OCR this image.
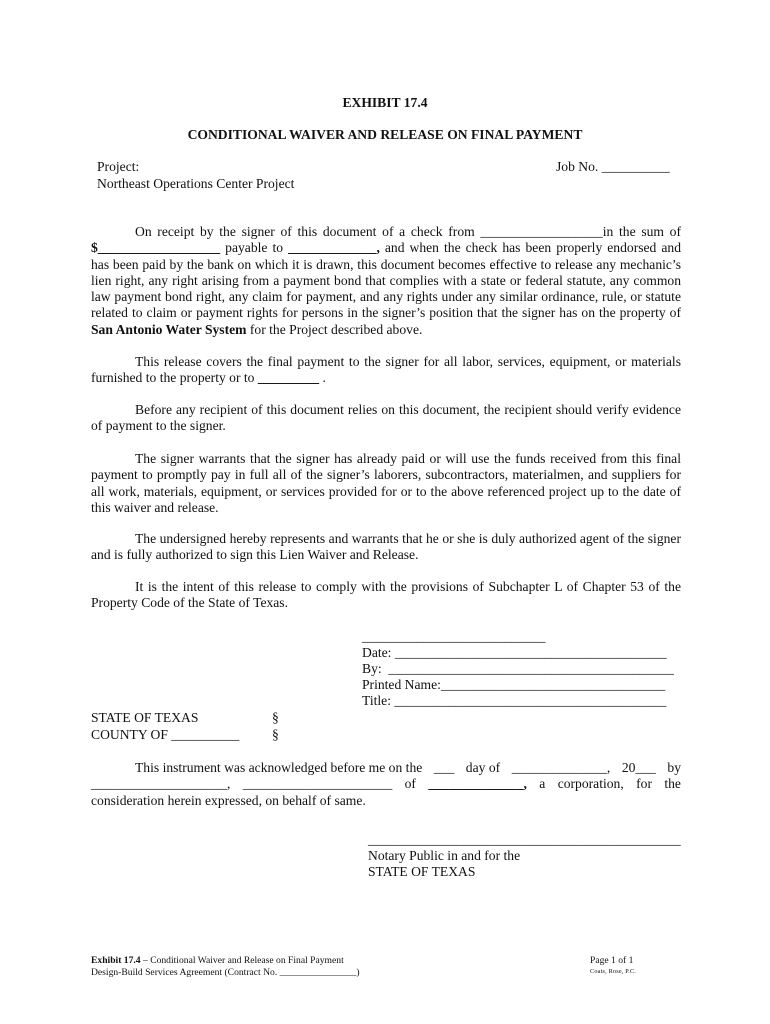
EXHIBIT 17.4
CONDITIONAL WAIVER AND RELEASE ON FINAL PAYMENT
Project:
Northeast Operations Center Project
Job No. __________
On receipt by the signer of this document of a check from __________________in the sum of $__________________ payable to _____________, and when the check has been properly endorsed and has been paid by the bank on which it is drawn, this document becomes effective to release any mechanic’s lien right, any right arising from a payment bond that complies with a state or federal statute, any common law payment bond right, any claim for payment, and any rights under any similar ordinance, rule, or statute related to claim or payment rights for persons in the signer’s position that the signer has on the property of San Antonio Water System for the Project described above.
This release covers the final payment to the signer for all labor, services, equipment, or materials furnished to the property or to _________ .
Before any recipient of this document relies on this document, the recipient should verify evidence of payment to the signer.
The signer warrants that the signer has already paid or will use the funds received from this final payment to promptly pay in full all of the signer’s laborers, subcontractors, materialmen, and suppliers for all work, materials, equipment, or services provided for or to the above referenced project up to the date of this waiver and release.
The undersigned hereby represents and warrants that he or she is duly authorized agent of the signer and is fully authorized to sign this Lien Waiver and Release.
It is the intent of this release to comply with the provisions of Subchapter L of Chapter 53 of the Property Code of the State of Texas.
___________________________
Date: ________________________________________
By:  __________________________________________
Printed Name:_________________________________
Title: ________________________________________
STATE OF TEXAS
COUNTY OF __________
§
§
This instrument was acknowledged before me on the ___ day of ______________, 20___ by
____________________, ______________________ of ______________, a corporation, for the
consideration herein expressed, on behalf of same.
______________________________________________
Notary Public in and for the
STATE OF TEXAS
Exhibit 17.4 – Conditional Waiver and Release on Final Payment
Design-Build Services Agreement (Contract No. ________________)
Page 1 of 1
Coats, Rose, P.C.
